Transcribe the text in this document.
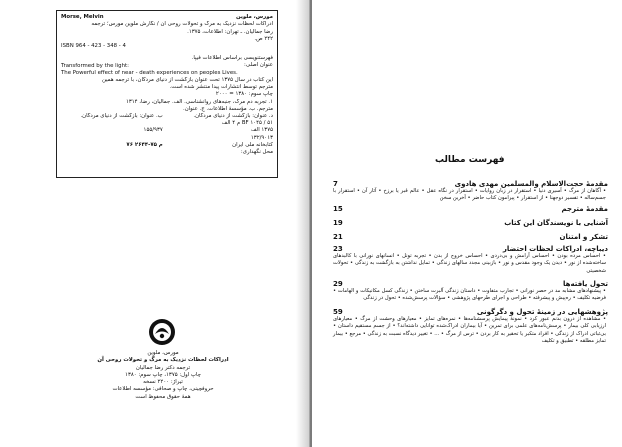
مورس، ملوین
Morse, Melvin
ادراکات لحظات نزدیک به مرگ و تحولات روحی آن / نگارش ملوین مورس؛ ترجمه
رضا جمالیان. ـ تهران: اطلاعات، ۱۳۷۵.
۲۴۲ ص.
ISBN 964 - 423 - 348 - 4
فهرستنویسی براساس اطلاعات فیپا.
عنوان اصلی:
Transformed by the light:
The Powerful effect of near - death experiences on peoples Lives.
این کتاب در سال ۱۳۷۵ تحت عنوان بازگشت از دنیای مردگان، با ترجمه همین
مترجم توسط انتشارات پیدا منتشر شده است.
چاپ سوم: ۱۳۸۰ = ۲۰۰۰
۱. تجربه دم مرگ، جنبه‌های روانشناسی. الف. جمالیان، رضا، ۱۳۱۴
مترجم. ب. مؤسسهٔ اطلاعات. ج. عنوان.
ب. عنوان: بازگشت از دنیای مردگان.

۱۵۵/۹۳۷
د. عنوان: بازگشت از دنیای مردگان.
BF ۱۰۴۵ / ۵۱ م ۴ الف
۱۳۷۵ الف
۱۳۲/۹۰۱۳
م ۷۵-۲۶۴۴ ۷۶	کتابخانه ملی ایران
محل نگهداری:
مورس، ملوین
ادراکات لحظات نزدیک به مرگ و تحولات روحی آن
ترجمه دکتر رضا جمالیان
چاپ اول: ۱۳۷۵، چاپ سوم: ۱۳۸۰
تیراژ: ۲۲۰۰ نسخه
حروفچینی، چاپ و صحافی: مؤسسه اطلاعات
همهٔ حقوق محفوظ است
فهرست مطالب
مقدمهٔ حجت‌الاسلام والمسلمین مهدی هادوی
7
• آگاهان از مرگ • آسیری دنیا • استقرار در زبان روایات • استقرار در نگاه عقل • عالم قبر یا برزخ • آثار آن • استقرار با جسم‌ساله • تفسیر دوجهنا • از استقرار • پیرامون کتاب حاضر • آخرین سخن
مقدمهٔ مترجم
15
آشنایی با نویسندگان این کتاب
19
تشکر و امتنان
21
دیباچه، ادراکات لحظات احتضار
23
• احساس مرده بودن • احساس آرامش و بی‌دردی • احساس خروج از بدن • تجربه تونل • انسانهای نورانی با کالبدهای ساخته‌شده از نور • دیدن یک وجود مقدس و نور • بازبینی مجدد سالهای زندگی • تمایل نداشتن به بازگشت به زندگی • تحولات شخصیتی
تحول یافته‌ها
29
• پیشنهادهای مشابه مد در حصر نورانی • تجارب متفاوت • داستان زندگی آلبرت ساختن • زندگی کسل مکانیکات و الهامات • فرضیه تکلیف • ره‌پیش و پیشرفته • طراحی و اجرای طرحهای پژوهشی • سؤالات پرسش‌شده • تحول در زندگی
پژوهشهایی در زمینهٔ تحول و دگرگونی
59
• مشاهده از درون بدنم عبور کرد • نمونهٔ پیمایش پرسشنامه‌ها • نمره‌های تمایز • معیارهای وحشت از مرگ • معیارهای ارزیابی کلی بیمار • پرسش‌نامه‌های علمی برای تمرین • آیا بیماران ادراک‌شده توانایی داشته‌اند؟ • از جسم مستقیم داستان • بی‌ثباتی ادراک از زندگی • افراد متکبر یا تحقیر به کار بردن • ترس از مرگ • ... • تغییر دیدگاه نسبت به زندگی • مرجع • بیمار تمایز مطلقه • تطبیق و تکلیف
